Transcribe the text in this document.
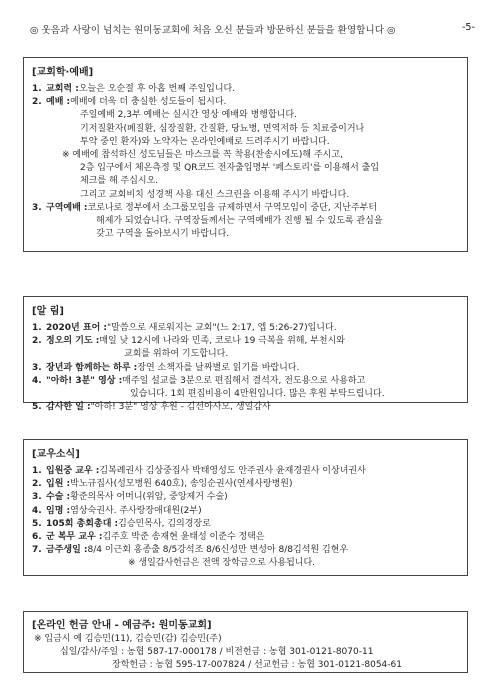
◎ 웃음과 사랑이 넘치는 원미동교회에 처음 오신 분들과 방문하신 분들을 환영합니다 ◎	-5-
[교회학·예배]
1. 교회력 : 오늘은 오순절 후 아홉 번째 주일입니다.
2. 예배 : 예배에 더욱 더 충실한 성도들이 됩시다.
주일예배 2,3부 예배는 실시간 영상 예배와 병행합니다.
기저질환자(폐질환, 심장질환, 간질환, 당뇨병, 면역저하 등 치료중이거나
투약 중인 환자)와 노약자는 온라인예배로 드려주시기 바랍니다.
※ 예배에 참석하신 성도님들은 마스크를 꼭 착용(찬송시에도)해 주시고,
2층 입구에서 체온측정 및 QR코드 전자출입명부 '페스토리'를 이용해서 출입
체크를 해 주십시오.
그리고 교회비치 성경책 사용 대신 스크린을 이용해 주시기 바랍니다.
3. 구역예배 : 코로나로 정부에서 소그룹모임을 규제하면서 구역모임이 중단, 지난주부터
해제가 되었습니다. 구역장들께서는 구역예배가 진행 될 수 있도록 관심을
갖고 구역을 돌아보시기 바랍니다.
[알 림]
1. 2020년 표어 : "말씀으로 새로워지는 교회"(느 2:17, 엡 5:26-27)입니다.
2. 정오의 기도 : 매일 낮 12시에 나라와 민족, 코로나 19 극복을 위해, 부천시와
교회를 위하여 기도합니다.
3. 장년과 함께하는 하루 : 장연 소책자를 날짜별로 읽기를 바랍니다.
4. "아하! 3분" 영상 : 매주일 설교를 3분으로 편집해서 결석자, 전도용으로 사용하고
있습니다. 1회 편집비용이 4만원입니다. 많은 후원 부탁드립니다.
5. 감사한 일 : "아하! 3분" 영상 후원 - 김선아사모, 생일감사
[교우소식]
1. 입원중 교우 : 김복례권사 김상중집사 박태영성도 안주권사 윤재경권사 이상녀권사
2. 입원 : 박노규집사(성모병원 640호), 송잉순권사(연세사랑병원)
3. 수술 : 황준의목사 어머니(위암, 중앙제거 수술)
4. 임명 : 염상숙권사. 주사랑장애대원(2부)
5. 105회 총회총대 : 김승민목사, 김의경장로
6. 군 복무 교우 : 김주호 박준 송재현 윤태성 이준수 정택은
7. 금주생일 : 8/4 이근회 홍종출 8/5강석조 8/6신성만 변성아 8/8김석원 김현우
※ 생일감사헌금은 전액 장학금으로 사용됩니다.
[온라인 헌금 안내 - 예금주: 원미동교회]
※ 입금시 예 김승민(11), 김승민(감) 김승민(주)
십일/감사/주일 : 농협 587-17-000178 / 비전헌금 : 농협 301-0121-8070-11
장학헌금 : 농협 595-17-007824 / 선교헌금 : 농협 301-0121-8054-61
